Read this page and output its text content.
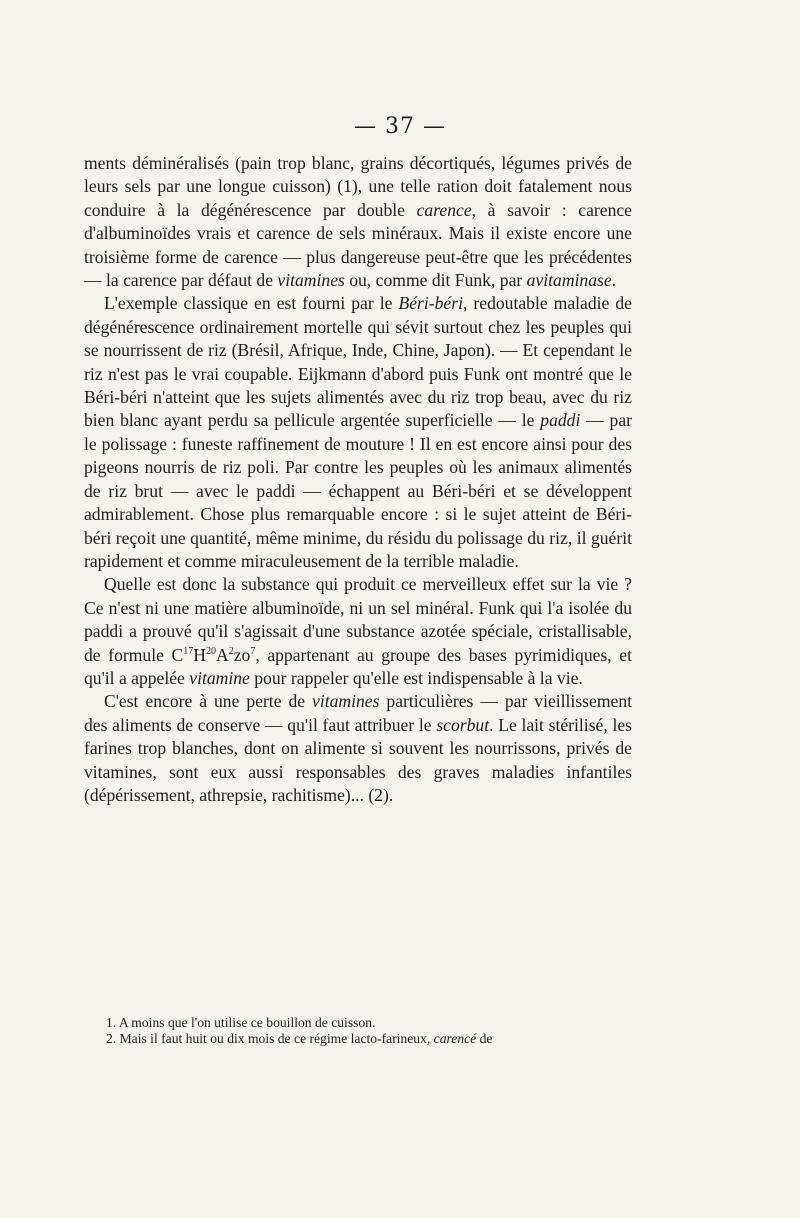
— 37 —

ments déminéralisés (pain trop blanc, grains décortiqués, légumes privés de leurs sels par une longue cuisson) (1), une telle ration doit fatalement nous conduire à la dégénérescence par double carence, à savoir : carence d'albuminoïdes vrais et carence de sels minéraux. Mais il existe encore une troisième forme de carence — plus dangereuse peut-être que les précédentes — la carence par défaut de vitamines ou, comme dit Funk, par avitaminase.

L'exemple classique en est fourni par le Béri-béri, redoutable maladie de dégénérescence ordinairement mortelle qui sévit surtout chez les peuples qui se nourrissent de riz (Brésil, Afrique, Inde, Chine, Japon). — Et cependant le riz n'est pas le vrai coupable. Eijkmann d'abord puis Funk ont montré que le Béri-béri n'atteint que les sujets alimentés avec du riz trop beau, avec du riz bien blanc ayant perdu sa pellicule argentée superficielle — le paddi — par le polissage : funeste raffinement de mouture ! Il en est encore ainsi pour des pigeons nourris de riz poli. Par contre les peuples où les animaux alimentés de riz brut — avec le paddi — échappent au Béri-béri et se développent admirablement. Chose plus remarquable encore : si le sujet atteint de Béri-béri reçoit une quantité, même minime, du résidu du polissage du riz, il guérit rapidement et comme miraculeusement de la terrible maladie.

Quelle est donc la substance qui produit ce merveilleux effet sur la vie ? Ce n'est ni une matière albuminoïde, ni un sel minéral. Funk qui l'a isolée du paddi a prouvé qu'il s'agissait d'une substance azotée spéciale, cristallisable, de formule $C^{17}H^{20}A^2zo^7$, appartenant au groupe des bases pyrimidiques, et qu'il a appelée vitamine pour rappeler qu'elle est indispensable à la vie.

C'est encore à une perte de vitamines particulières — par vieillissement des aliments de conserve — qu'il faut attribuer le scorbut. Le lait stérilisé, les farines trop blanches, dont on alimente si souvent les nourrissons, privés de vitamines, sont eux aussi responsables des graves maladies infantiles (dépérissement, athrepsie, rachitisme)... (2).

1. A moins que l'on utilise ce bouillon de cuisson.

2. Mais il faut huit ou dix mois de ce régime lacto-farineux, carencé de
